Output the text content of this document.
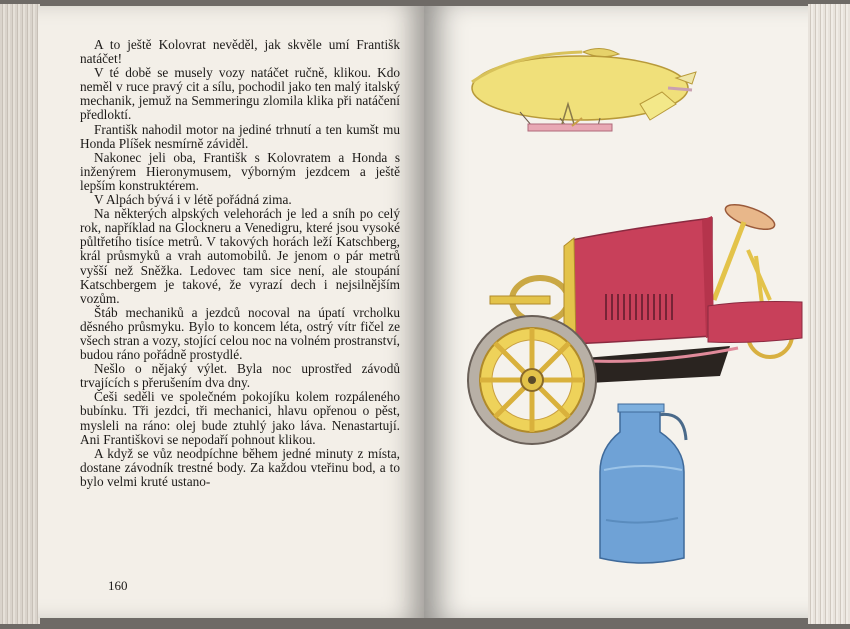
A to ještě Kolovrat nevěděl, jak skvěle umí Františk natáčet!

V té době se musely vozy natáčet ručně, klikou. Kdo neměl v ruce pravý cit a sílu, pochodil jako ten malý italský mechanik, jemuž na Semmeringu zlomila klika při natáčení předloktí.

Františk nahodil motor na jediné trhnutí a ten kumšt mu Honda Plíšek nesmírně záviděl.

Nakonec jeli oba, Františk s Kolovratem a Honda s inženýrem Hieronymusem, výborným jezdcem a ještě lepším konstruktérem.

V Alpách bývá i v létě pořádná zima.

Na některých alpských velehorách je led a sníh po celý rok, například na Glockneru a Venedigru, které jsou vysoké půltřetího tisíce metrů. V takových horách leží Katschberg, král průsmyků a vrah automobilů. Je jenom o pár metrů vyšší než Sněžka. Ledovec tam sice není, ale stoupání Katschbergem je takové, že vyrazí dech i nejsilnějším vozům.

Štáb mechaniků a jezdců nocoval na úpatí vrcholku děsného průsmyku. Bylo to koncem léta, ostrý vítr fičel ze všech stran a vozy, stojící celou noc na volném prostranství, budou ráno pořádně prostydlé.

Nešlo o nějaký výlet. Byla noc uprostřed závodů trvajících s přerušením dva dny.

Češi seděli ve společném pokojíku kolem rozpáleného bubínku. Tři jezdci, tři mechanici, hlavu opřenou o pěst, mysleli na ráno: olej bude ztuhlý jako láva. Nenastartují. Ani Františkovi se nepodaří pohnout klikou.

A když se vůz neodpíchne během jedné minuty z místa, dostane závodník trestné body. Za každou vteřinu bod, a to bylo velmi kruté ustano-

160
